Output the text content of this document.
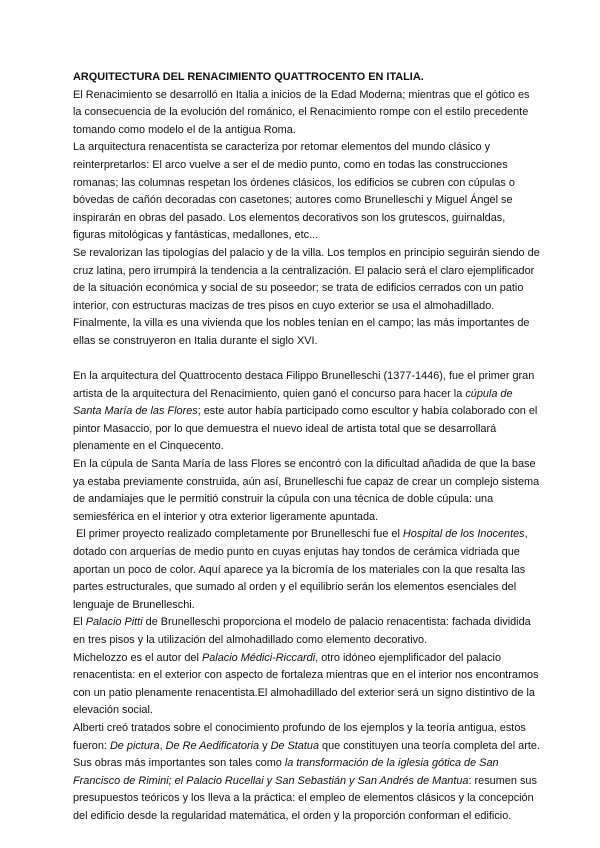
ARQUITECTURA DEL RENACIMIENTO QUATTROCENTO EN ITALIA.

El Renacimiento se desarrolló en Italia a inicios de la Edad Moderna; mientras que el gótico es la consecuencia de la evolución del románico, el Renacimiento rompe con el estilo precedente tomando como modelo el de la antigua Roma.

La arquitectura renacentista se caracteriza por retomar elementos del mundo clásico y reinterpretarlos: El arco vuelve a ser el de medio punto, como en todas las construcciones romanas; las columnas respetan los órdenes clásicos, los edificios se cubren con cúpulas o bóvedas de cañón decoradas con casetones; autores como Brunelleschi y Miguel Ángel se inspirarán en obras del pasado. Los elementos decorativos son los grutescos, guirnaldas, figuras mitológicas y fantásticas, medallones, etc...

Se revalorizan las tipologías del palacio y de la villa. Los templos en principio seguirán siendo de cruz latina, pero irrumpirá la tendencia a la centralización. El palacio será el claro ejemplificador de la situación económica y social de su poseedor; se trata de edificios cerrados con un patio interior, con estructuras macizas de tres pisos en cuyo exterior se usa el almohadillado.

Finalmente, la villa es una vivienda que los nobles tenían en el campo; las más importantes de ellas se construyeron en Italia durante el siglo XVI.

En la arquitectura del Quattrocento destaca Filippo Brunelleschi (1377-1446), fue el primer gran artista de la arquitectura del Renacimiento, quien ganó el concurso para hacer la cúpula de Santa María de las Flores; este autor había participado como escultor y había colaborado con el pintor Masaccio, por lo que demuestra el nuevo ideal de artista total que se desarrollará plenamente en el Cinquecento.

En la cúpula de Santa María de lass Flores se encontró con la dificultad añadida de que la base ya estaba previamente construida, aún así, Brunelleschi fue capaz de crear un complejo sistema de andamiajes que le permitió construir la cúpula con una técnica de doble cúpula: una semiesférica en el interior y otra exterior ligeramente apuntada.

El primer proyecto realizado completamente por Brunelleschi fue el Hospital de los Inocentes, dotado con arquerías de medio punto en cuyas enjutas hay tondos de cerámica vidriada que aportan un poco de color. Aquí aparece ya la bicromía de los materiales con la que resalta las partes estructurales, que sumado al orden y el equilibrio serán los elementos esenciales del lenguaje de Brunelleschi.

El Palacio Pitti de Brunelleschi proporciona el modelo de palacio renacentista: fachada dividida en tres pisos y la utilización del almohadillado como elemento decorativo.

Michelozzo es el autor del Palacio Médici-Riccardi, otro idóneo ejemplificador del palacio renacentista: en el exterior con aspecto de fortaleza mientras que en el interior nos encontramos con un patio plenamente renacentista.El almohadillado del exterior será un signo distintivo de la elevación social.

Alberti creó tratados sobre el conocimiento profundo de los ejemplos y la teoría antigua, estos fueron: De pictura, De Re Aedificatoria y De Statua que constituyen una teoría completa del arte. Sus obras más importantes son tales como la transformación de la iglesia gótica de San Francisco de Rimini; el Palacio Rucellai y San Sebastián y San Andrés de Mantua: resumen sus presupuestos teóricos y los lleva a la práctica: el empleo de elementos clásicos y la concepción del edificio desde la regularidad matemática, el orden y la proporción conforman el edificio.
